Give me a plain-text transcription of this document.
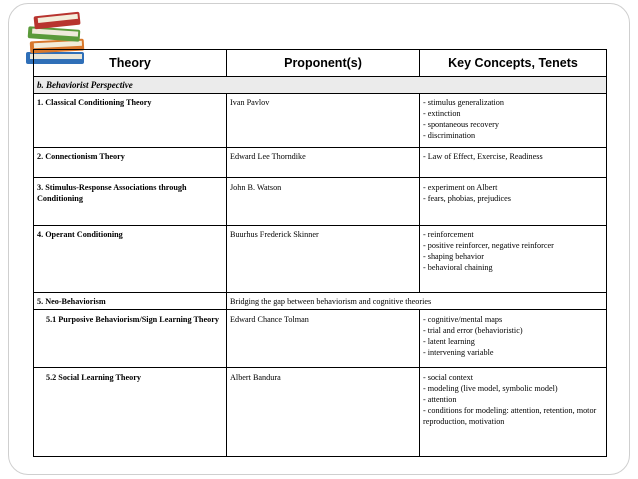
Theory	Proponent(s)	Key Concepts, Tenets
b. Behaviorist Perspective		
1. Classical Conditioning Theory	Ivan Pavlov	- stimulus generalization
- extinction
- spontaneous recovery
- discrimination

2. Connectionism Theory	Edward Lee Thorndike	- Law of Effect, Exercise, Readiness

3. Stimulus-Response Associations through Conditioning	John B. Watson	- experiment on Albert
- fears, phobias, prejudices

4. Operant Conditioning	Buurhus Frederick Skinner	- reinforcement
- positive reinforcer, negative reinforcer
- shaping behavior
- behavioral chaining

5. Neo-Behaviorism	Bridging the gap between behaviorism and cognitive theories	

5.1 Purposive Behaviorism/Sign Learning Theory	Edward Chance Tolman	- cognitive/mental maps
- trial and error (behavioristic)
- latent learning
- intervening variable

5.2 Social Learning Theory	Albert Bandura	- social context
- modeling (live model, symbolic model)
- attention
- conditions for modeling: attention, retention, motor reproduction, motivation
